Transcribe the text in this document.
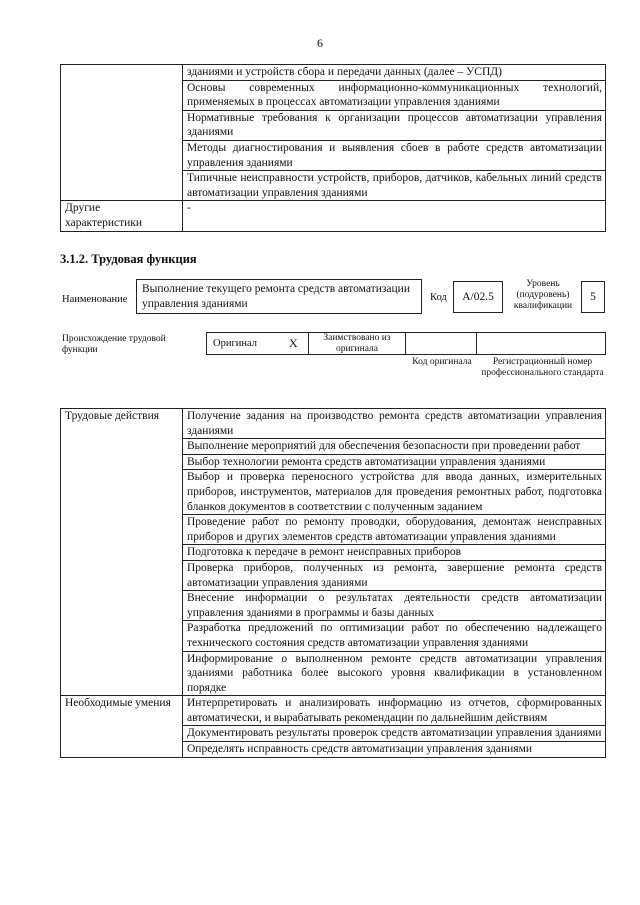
6
	зданиями и устройств сбора и передачи данных (далее – УСПД)
	Основы современных информационно-коммуникационных технологий, применяемых в процессах автоматизации управления зданиями
	Нормативные требования к организации процессов автоматизации управления зданиями
	Методы диагностирования и выявления сбоев в работе средств автоматизации управления зданиями
	Типичные неисправности устройств, приборов, датчиков, кабельных линий средств автоматизации управления зданиями
Другие характеристики	-
3.1.2. Трудовая функция
Наименование
Выполнение текущего ремонта средств автоматизации управления зданиями	Код	A/02.5
Уровень (подуровень) квалификации
5
Происхождение трудовой функции
Оригинал	X	Заимствовано из оригинала
Код оригинала	Регистрационный номер профессионального стандарта
Трудовые действия	Получение задания на производство ремонта средств автоматизации управления зданиями
	Выполнение мероприятий для обеспечения безопасности при проведении работ
	Выбор технологии ремонта средств автоматизации управления зданиями
	Выбор и проверка переносного устройства для ввода данных, измерительных приборов, инструментов, материалов для проведения ремонтных работ, подготовка бланков документов в соответствии с полученным заданием
	Проведение работ по ремонту проводки, оборудования, демонтаж неисправных приборов и других элементов средств автоматизации управления зданиями
	Подготовка к передаче в ремонт неисправных приборов
	Проверка приборов, полученных из ремонта, завершение ремонта средств автоматизации управления зданиями
	Внесение информации о результатах деятельности средств автоматизации управления зданиями в программы и базы данных
	Разработка предложений по оптимизации работ по обеспечению надлежащего технического состояния средств автоматизации управления зданиями
	Информирование о выполненном ремонте средств автоматизации управления зданиями работника более высокого уровня квалификации в установленном порядке
Необходимые умения	Интерпретировать и анализировать информацию из отчетов, сформированных автоматически, и вырабатывать рекомендации по дальнейшим действиям
	Документировать результаты проверок средств автоматизации управления зданиями
	Определять исправность средств автоматизации управления зданиями
